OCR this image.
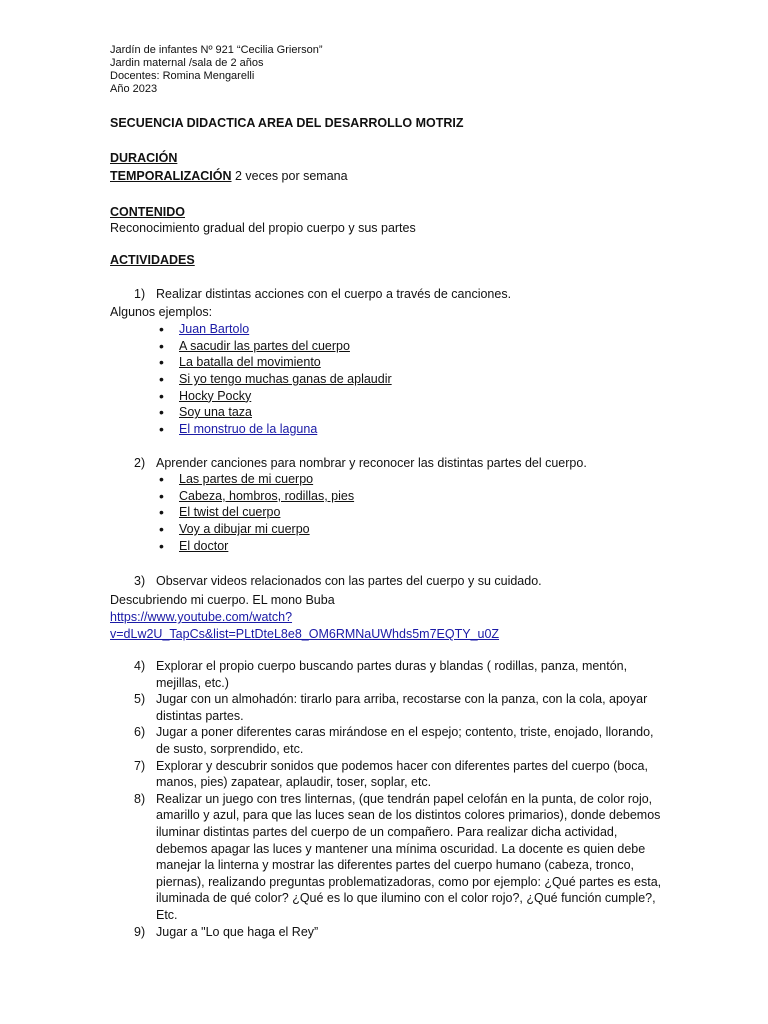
Jardín de infantes Nº 921 “Cecilia Grierson”
Jardin maternal /sala de 2 años
Docentes: Romina Mengarelli
Año 2023
SECUENCIA DIDACTICA AREA DEL DESARROLLO MOTRIZ
DURACIÓN
TEMPORALIZACIÓN 2 veces por semana
CONTENIDO
Reconocimiento gradual del propio cuerpo y sus partes
ACTIVIDADES
1) Realizar distintas acciones con el cuerpo a través de canciones.
Algunos ejemplos:
• Juan Bartolo
• A sacudir las partes del cuerpo
• La batalla del movimiento
• Si yo tengo muchas ganas de aplaudir
• Hocky Pocky
• Soy una taza
• El monstruo de la laguna
2) Aprender canciones para nombrar y reconocer las distintas partes del cuerpo.
• Las partes de mi cuerpo
• Cabeza, hombros, rodillas, pies
• El twist del cuerpo
• Voy a dibujar mi cuerpo
• El doctor
3) Observar videos relacionados con las partes del cuerpo y su cuidado.
Descubriendo mi cuerpo. EL mono Buba
https://www.youtube.com/watch?
v=dLw2U_TapCs&list=PLtDteL8e8_OM6RMNaUWhds5m7EQTY_u0Z
4) Explorar el propio cuerpo buscando partes duras y blandas ( rodillas, panza, mentón, mejillas, etc.)
5) Jugar con un almohadón: tirarlo para arriba, recostarse con la panza, con la cola, apoyar distintas partes.
6) Jugar a poner diferentes caras mirándose en el espejo; contento, triste, enojado, llorando, de susto, sorprendido, etc.
7) Explorar y descubrir sonidos que podemos hacer con diferentes partes del cuerpo (boca, manos, pies) zapatear, aplaudir, toser, soplar, etc.
8) Realizar un juego con tres linternas, (que tendrán papel celofán en la punta, de color rojo, amarillo y azul, para que las luces sean de los distintos colores primarios), donde debemos iluminar distintas partes del cuerpo de un compañero. Para realizar dicha actividad, debemos apagar las luces y mantener una mínima oscuridad. La docente es quien debe manejar la linterna y mostrar las diferentes partes del cuerpo humano (cabeza, tronco, piernas), realizando preguntas problematizadoras, como por ejemplo: ¿Qué partes es esta, iluminada de qué color? ¿Qué es lo que ilumino con el color rojo?, ¿Qué función cumple?, Etc.
9) Jugar a "Lo que haga el Rey”
